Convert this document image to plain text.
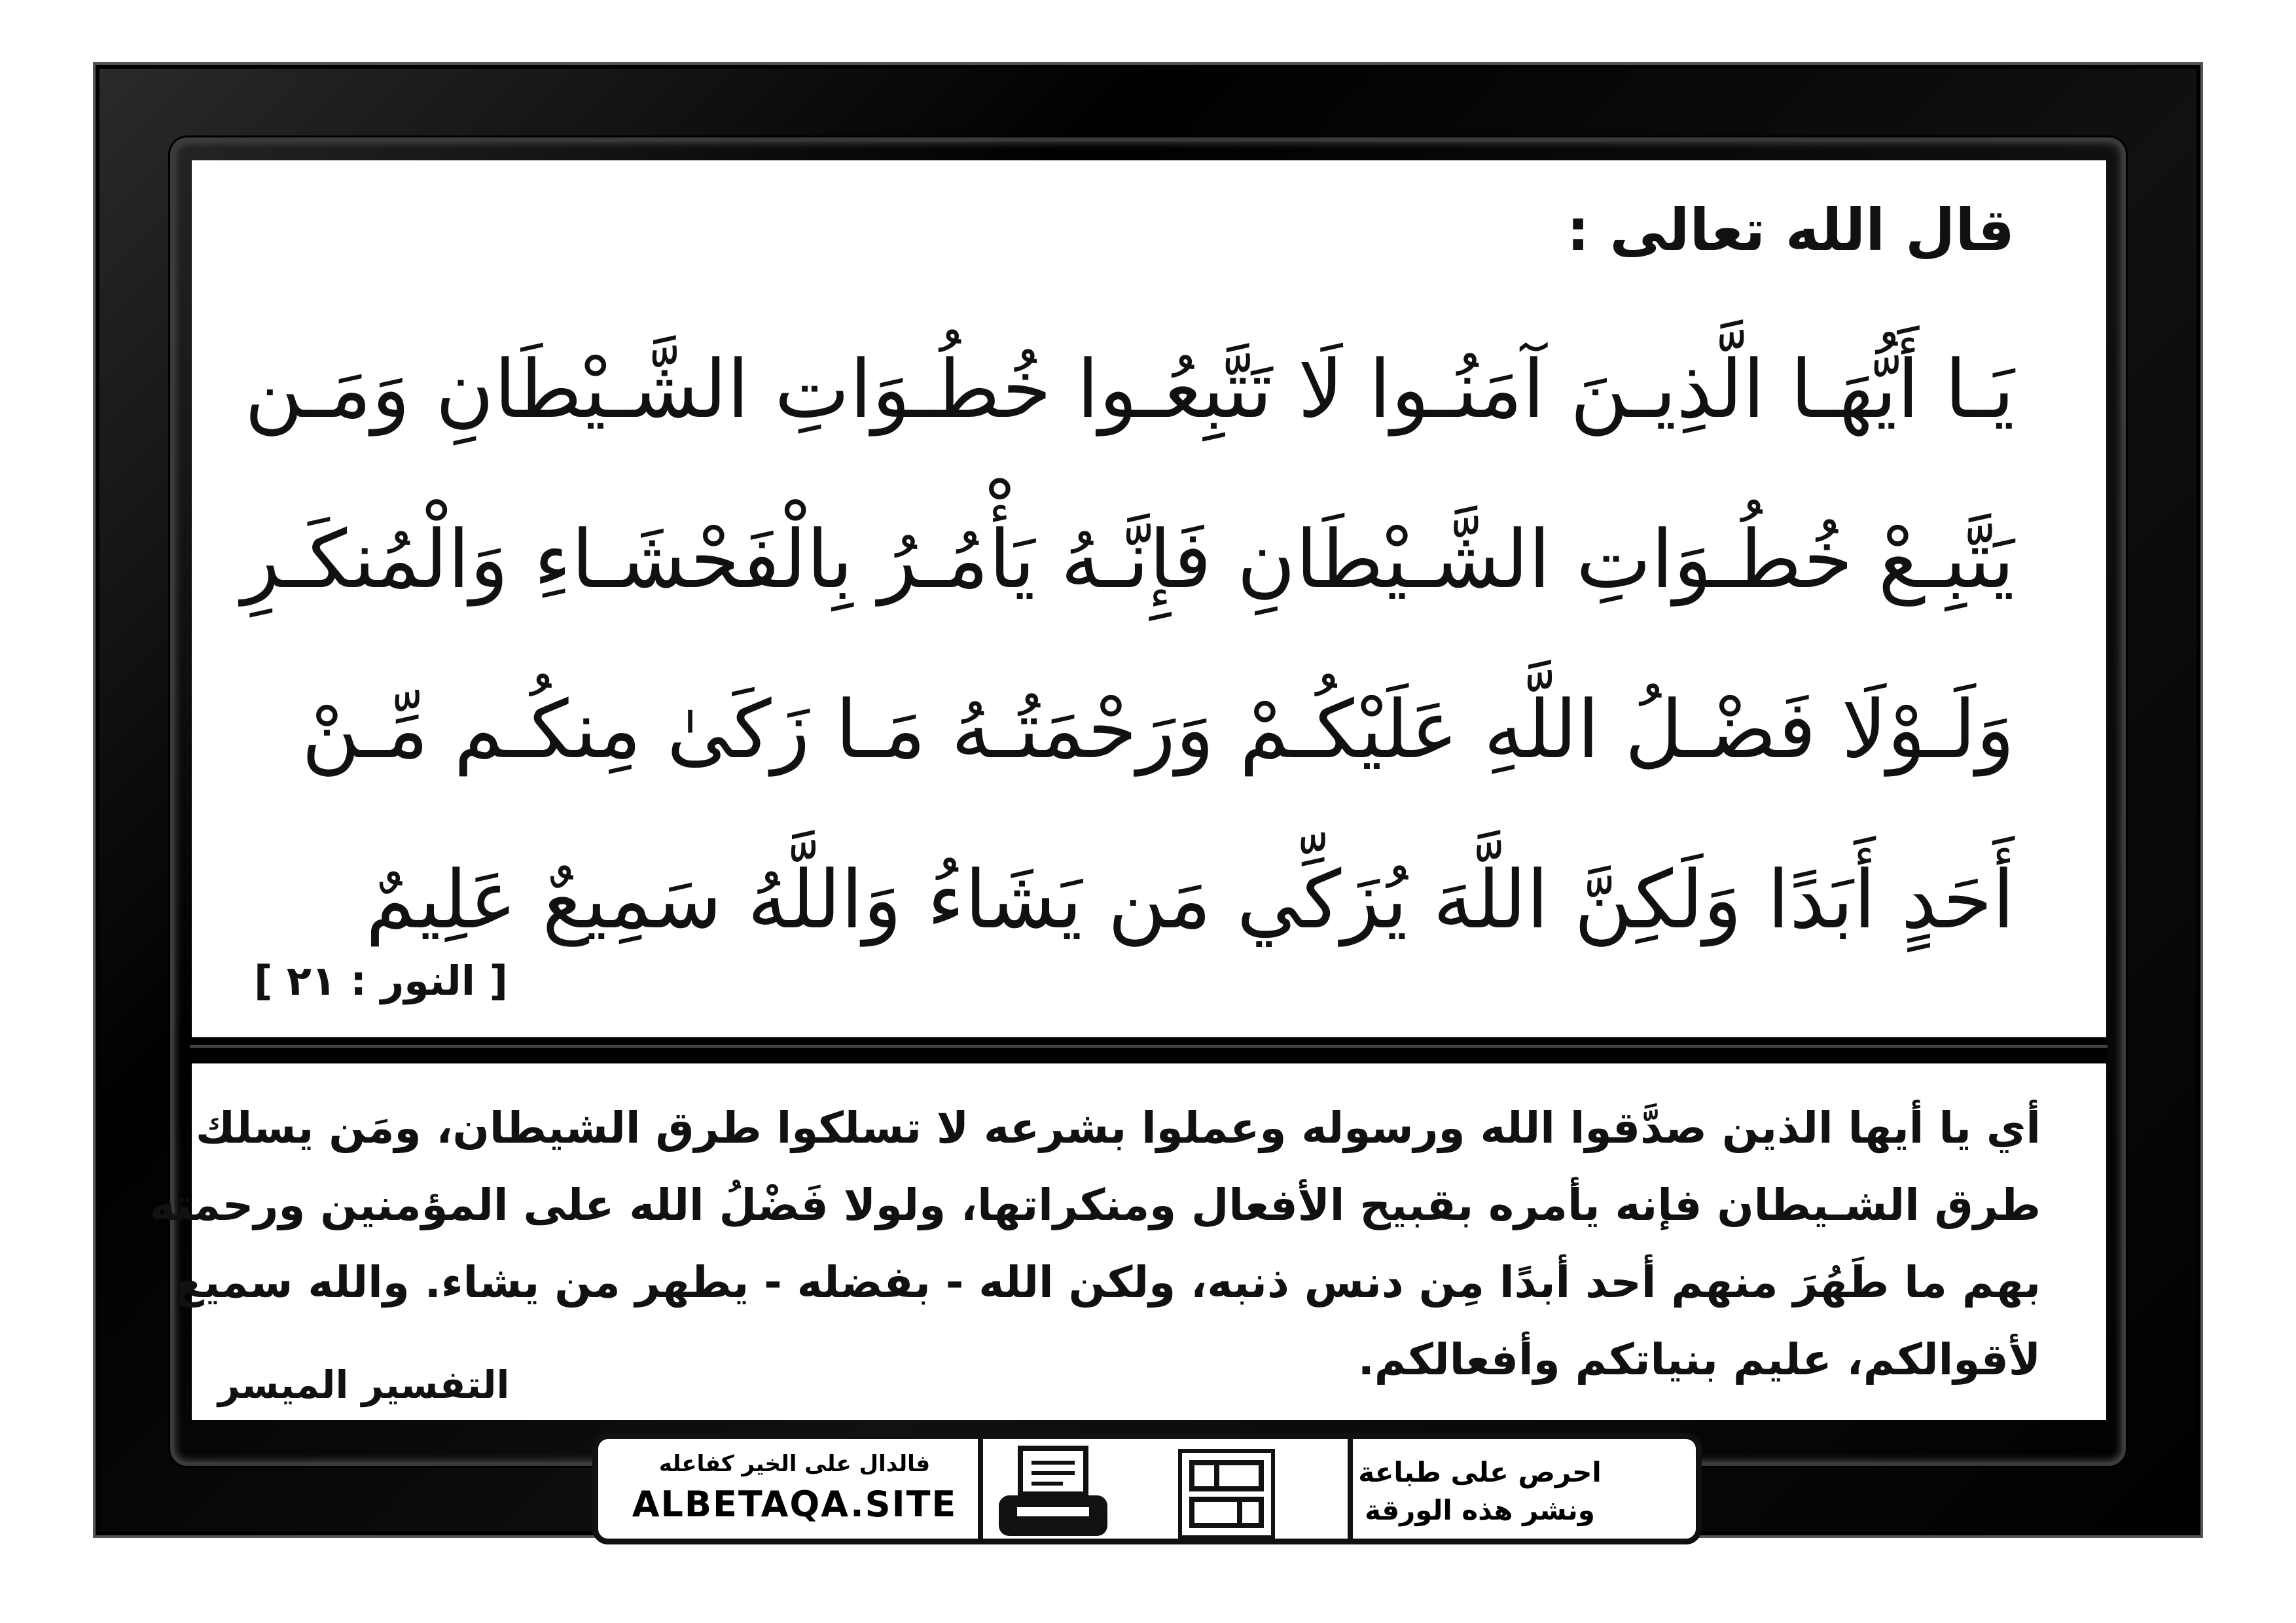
قال الله تعالى :
يَـا أَيُّهَـا الَّذِيـنَ آمَنُـوا لَا تَتَّبِعُـوا خُطُـوَاتِ الشَّـيْطَانِ وَمَـن
يَتَّبِـعْ خُطُـوَاتِ الشَّـيْطَانِ فَإِنَّـهُ يَأْمُـرُ بِالْفَحْشَـاءِ وَالْمُنكَـرِ
وَلَـوْلَا فَضْـلُ اللَّهِ عَلَيْكُـمْ وَرَحْمَتُـهُ مَـا زَكَىٰ مِنكُـم مِّـنْ
أَحَدٍ أَبَدًا وَلَكِنَّ اللَّهَ يُزَكِّي مَن يَشَاءُ وَاللَّهُ سَمِيعٌ عَلِيمٌ
[ النور : ٢١ ]
أي يا أيها الذين صدَّقوا الله ورسوله وعملوا بشرعه لا تسلكوا طرق الشيطان، ومَن يسلك
طرق الشـيطان فإنه يأمره بقبيح الأفعال ومنكراتها، ولولا فَضْلُ الله على المؤمنين ورحمته
بهم ما طَهُرَ منهم أحد أبدًا مِن دنس ذنبه، ولكن الله - بفضله - يطهر من يشاء. والله سميع
لأقوالكم، عليم بنياتكم وأفعالكم.
التفسير الميسر
فالدال على الخير كفاعله
ALBETAQA.SITE
احرص على طباعة
ونشر هذه الورقة
